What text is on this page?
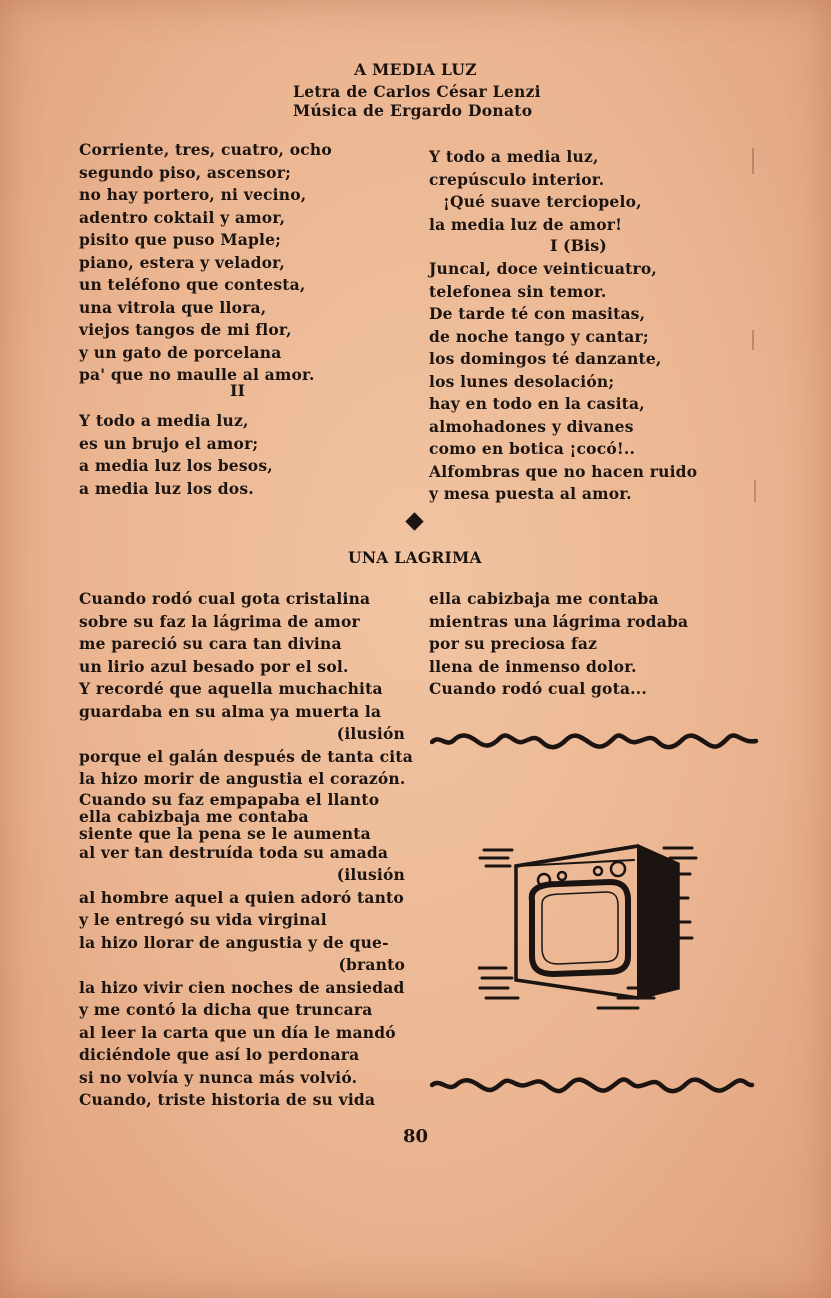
A MEDIA LUZ
Letra de Carlos César Lenzi
Música de Ergardo Donato
Corriente, tres, cuatro, ocho
segundo piso, ascensor;
no hay portero, ni vecino,
adentro coktail y amor,
pisito que puso Maple;
piano, estera y velador,
un teléfono que contesta,
una vitrola que llora,
viejos tangos de mi flor,
y un gato de porcelana
pa' que no maulle al amor.
II
Y todo a media luz,
es un brujo el amor;
a media luz los besos,
a media luz los dos.
Y todo a media luz,
crepúsculo interior.
¡Qué suave terciopelo,
la media luz de amor!
I (Bis)
Juncal, doce veinticuatro,
telefonea sin temor.
De tarde té con masitas,
de noche tango y cantar;
los domingos té danzante,
los lunes desolación;
hay en todo en la casita,
almohadones y divanes
como en botica ¡cocó!..
Alfombras que no hacen ruido
y mesa puesta al amor.
UNA LAGRIMA
Cuando rodó cual gota cristalina
sobre su faz la lágrima de amor
me pareció su cara tan divina
un lirio azul besado por el sol.
Y recordé que aquella muchachita
guardaba en su alma ya muerta la
(ilusión
porque el galán después de tanta cita
la hizo morir de angustia el corazón.
Cuando su faz empapaba el llanto
ella cabizbaja me contaba
siente que la pena se le aumenta
al ver tan destruída toda su amada
(ilusión
al hombre aquel a quien adoró tanto
y le entregó su vida virginal
la hizo llorar de angustia y de que-
(branto
la hizo vivir cien noches de ansiedad
y me contó la dicha que truncara
al leer la carta que un día le mandó
diciéndole que así lo perdonara
si no volvía y nunca más volvió.
Cuando, triste historia de su vida
ella cabizbaja me contaba
mientras una lágrima rodaba
por su preciosa faz
llena de inmenso dolor.
Cuando rodó cual gota...
80
